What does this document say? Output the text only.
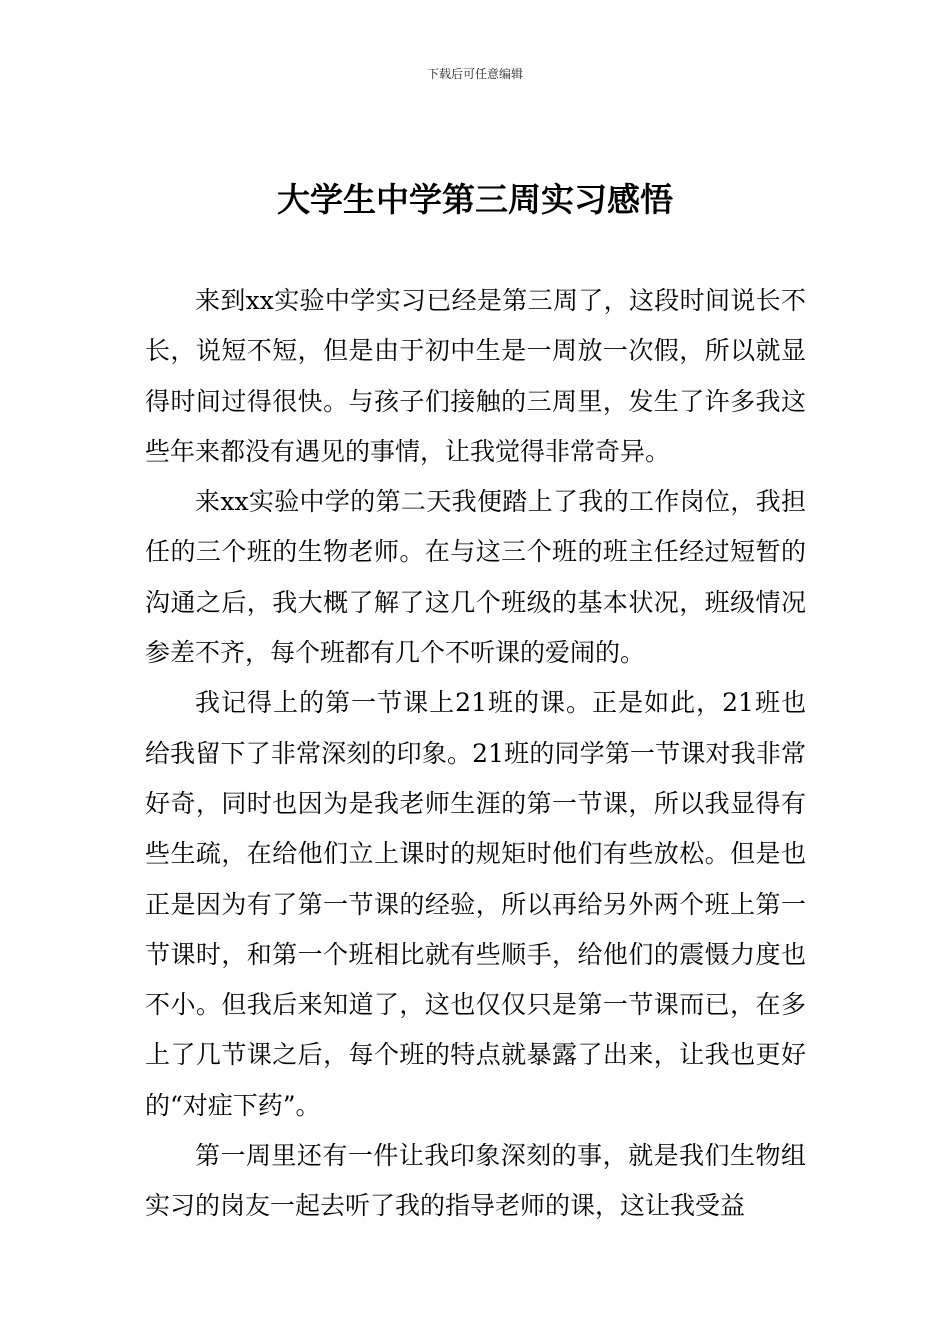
下载后可任意编辑
大学生中学第三周实习感悟

来到xx实验中学实习已经是第三周了，这段时间说长不长，说短不短，但是由于初中生是一周放一次假，所以就显得时间过得很快。与孩子们接触的三周里，发生了许多我这些年来都没有遇见的事情，让我觉得非常奇异。

来xx实验中学的第二天我便踏上了我的工作岗位，我担任的三个班的生物老师。在与这三个班的班主任经过短暂的沟通之后，我大概了解了这几个班级的基本状况，班级情况参差不齐，每个班都有几个不听课的爱闹的。

我记得上的第一节课上21班的课。正是如此，21班也给我留下了非常深刻的印象。21班的同学第一节课对我非常好奇，同时也因为是我老师生涯的第一节课，所以我显得有些生疏，在给他们立上课时的规矩时他们有些放松。但是也正是因为有了第一节课的经验，所以再给另外两个班上第一节课时，和第一个班相比就有些顺手，给他们的震慑力度也不小。但我后来知道了，这也仅仅只是第一节课而已，在多上了几节课之后，每个班的特点就暴露了出来，让我也更好的“对症下药”。

第一周里还有一件让我印象深刻的事，就是我们生物组实习的岗友一起去听了我的指导老师的课，这让我受益
